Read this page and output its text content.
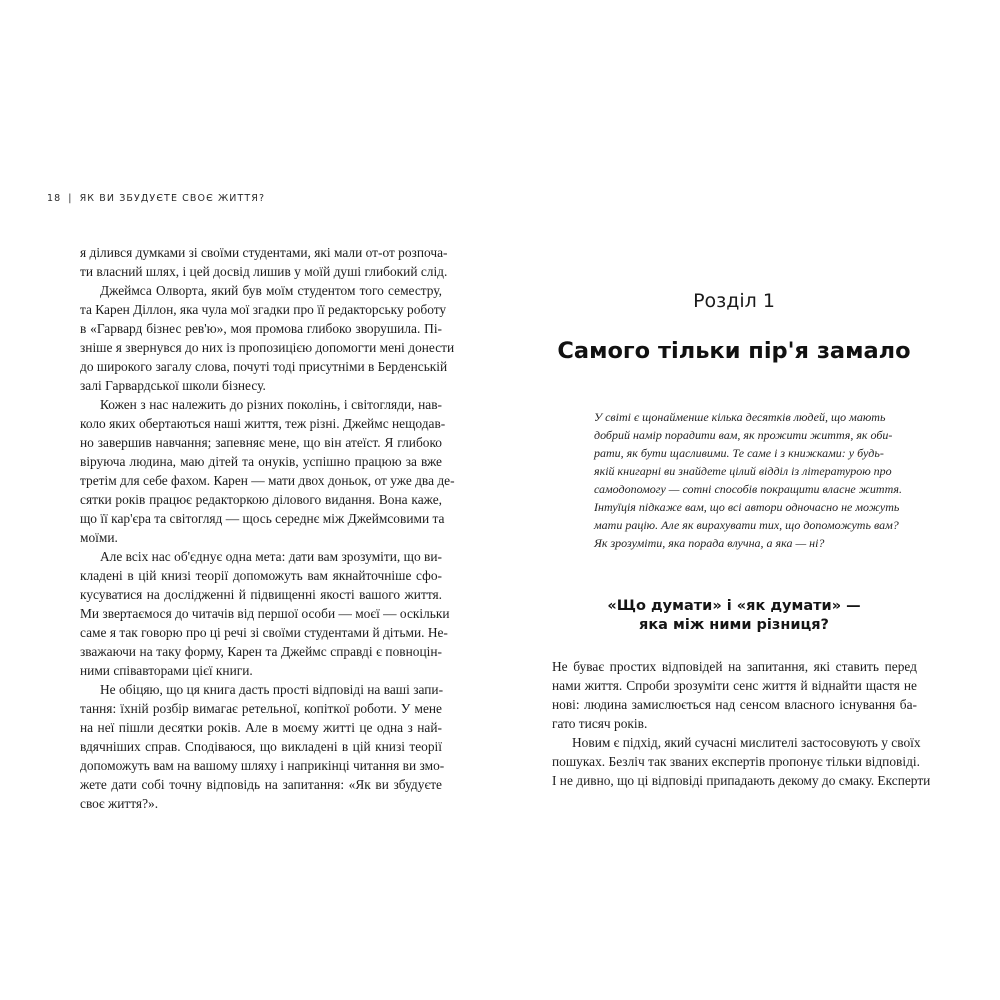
18 | ЯК ВИ ЗБУДУЄТЕ СВОЄ ЖИТТЯ?
я ділився думками зі своїми студентами, які мали от-от розпоча-
ти власний шлях, і цей досвід лишив у моїй душі глибокий слід.
Джеймса Олворта, який був моїм студентом того семестру,
та Карен Діллон, яка чула мої згадки про її редакторську роботу
в «Гарвард бізнес рев'ю», моя промова глибоко зворушила. Пі-
зніше я звернувся до них із пропозицією допомогти мені донести
до широкого загалу слова, почуті тоді присутніми в Берденській
залі Гарвардської школи бізнесу.
Кожен з нас належить до різних поколінь, і світогляди, нав-
коло яких обертаються наші життя, теж різні. Джеймс нещодав-
но завершив навчання; запевняє мене, що він атеїст. Я глибоко
віруюча людина, маю дітей та онуків, успішно працюю за вже
третім для себе фахом. Карен — мати двох доньок, от уже два де-
сятки років працює редакторкою ділового видання. Вона каже,
що її кар'єра та світогляд — щось середнє між Джеймсовими та
моїми.
Але всіх нас об'єднує одна мета: дати вам зрозуміти, що ви-
кладені в цій книзі теорії допоможуть вам якнайточніше сфо-
кусуватися на дослідженні й підвищенні якості вашого життя.
Ми звертаємося до читачів від першої особи — моєї — оскільки
саме я так говорю про ці речі зі своїми студентами й дітьми. Не-
зважаючи на таку форму, Карен та Джеймс справді є повноцін-
ними співавторами цієї книги.
Не обіцяю, що ця книга дасть прості відповіді на ваші запи-
тання: їхній розбір вимагає ретельної, копіткої роботи. У мене
на неї пішли десятки років. Але в моєму житті це одна з най-
вдячніших справ. Сподіваюся, що викладені в цій книзі теорії
допоможуть вам на вашому шляху і наприкінці читання ви змо-
жете дати собі точну відповідь на запитання: «Як ви збудуєте
своє життя?».
Розділ 1
Самого тільки пір'я замало
У світі є щонайменше кілька десятків людей, що мають
добрий намір порадити вам, як прожити життя, як оби-
рати, як бути щасливими. Те саме і з книжками: у будь-
якій книгарні ви знайдете цілий відділ із літературою про
самодопомогу — сотні способів покращити власне життя.
Інтуїція підкаже вам, що всі автори одночасно не можуть
мати рацію. Але як вирахувати тих, що допоможуть вам?
Як зрозуміти, яка порада влучна, а яка — ні?
«Що думати» і «як думати» —
яка між ними різниця?
Не буває простих відповідей на запитання, які ставить перед
нами життя. Спроби зрозуміти сенс життя й віднайти щастя не
нові: людина замислюється над сенсом власного існування ба-
гато тисяч років.
Новим є підхід, який сучасні мислителі застосовують у своїх
пошуках. Безліч так званих експертів пропонує тільки відповіді.
І не дивно, що ці відповіді припадають декому до смаку. Експерти
